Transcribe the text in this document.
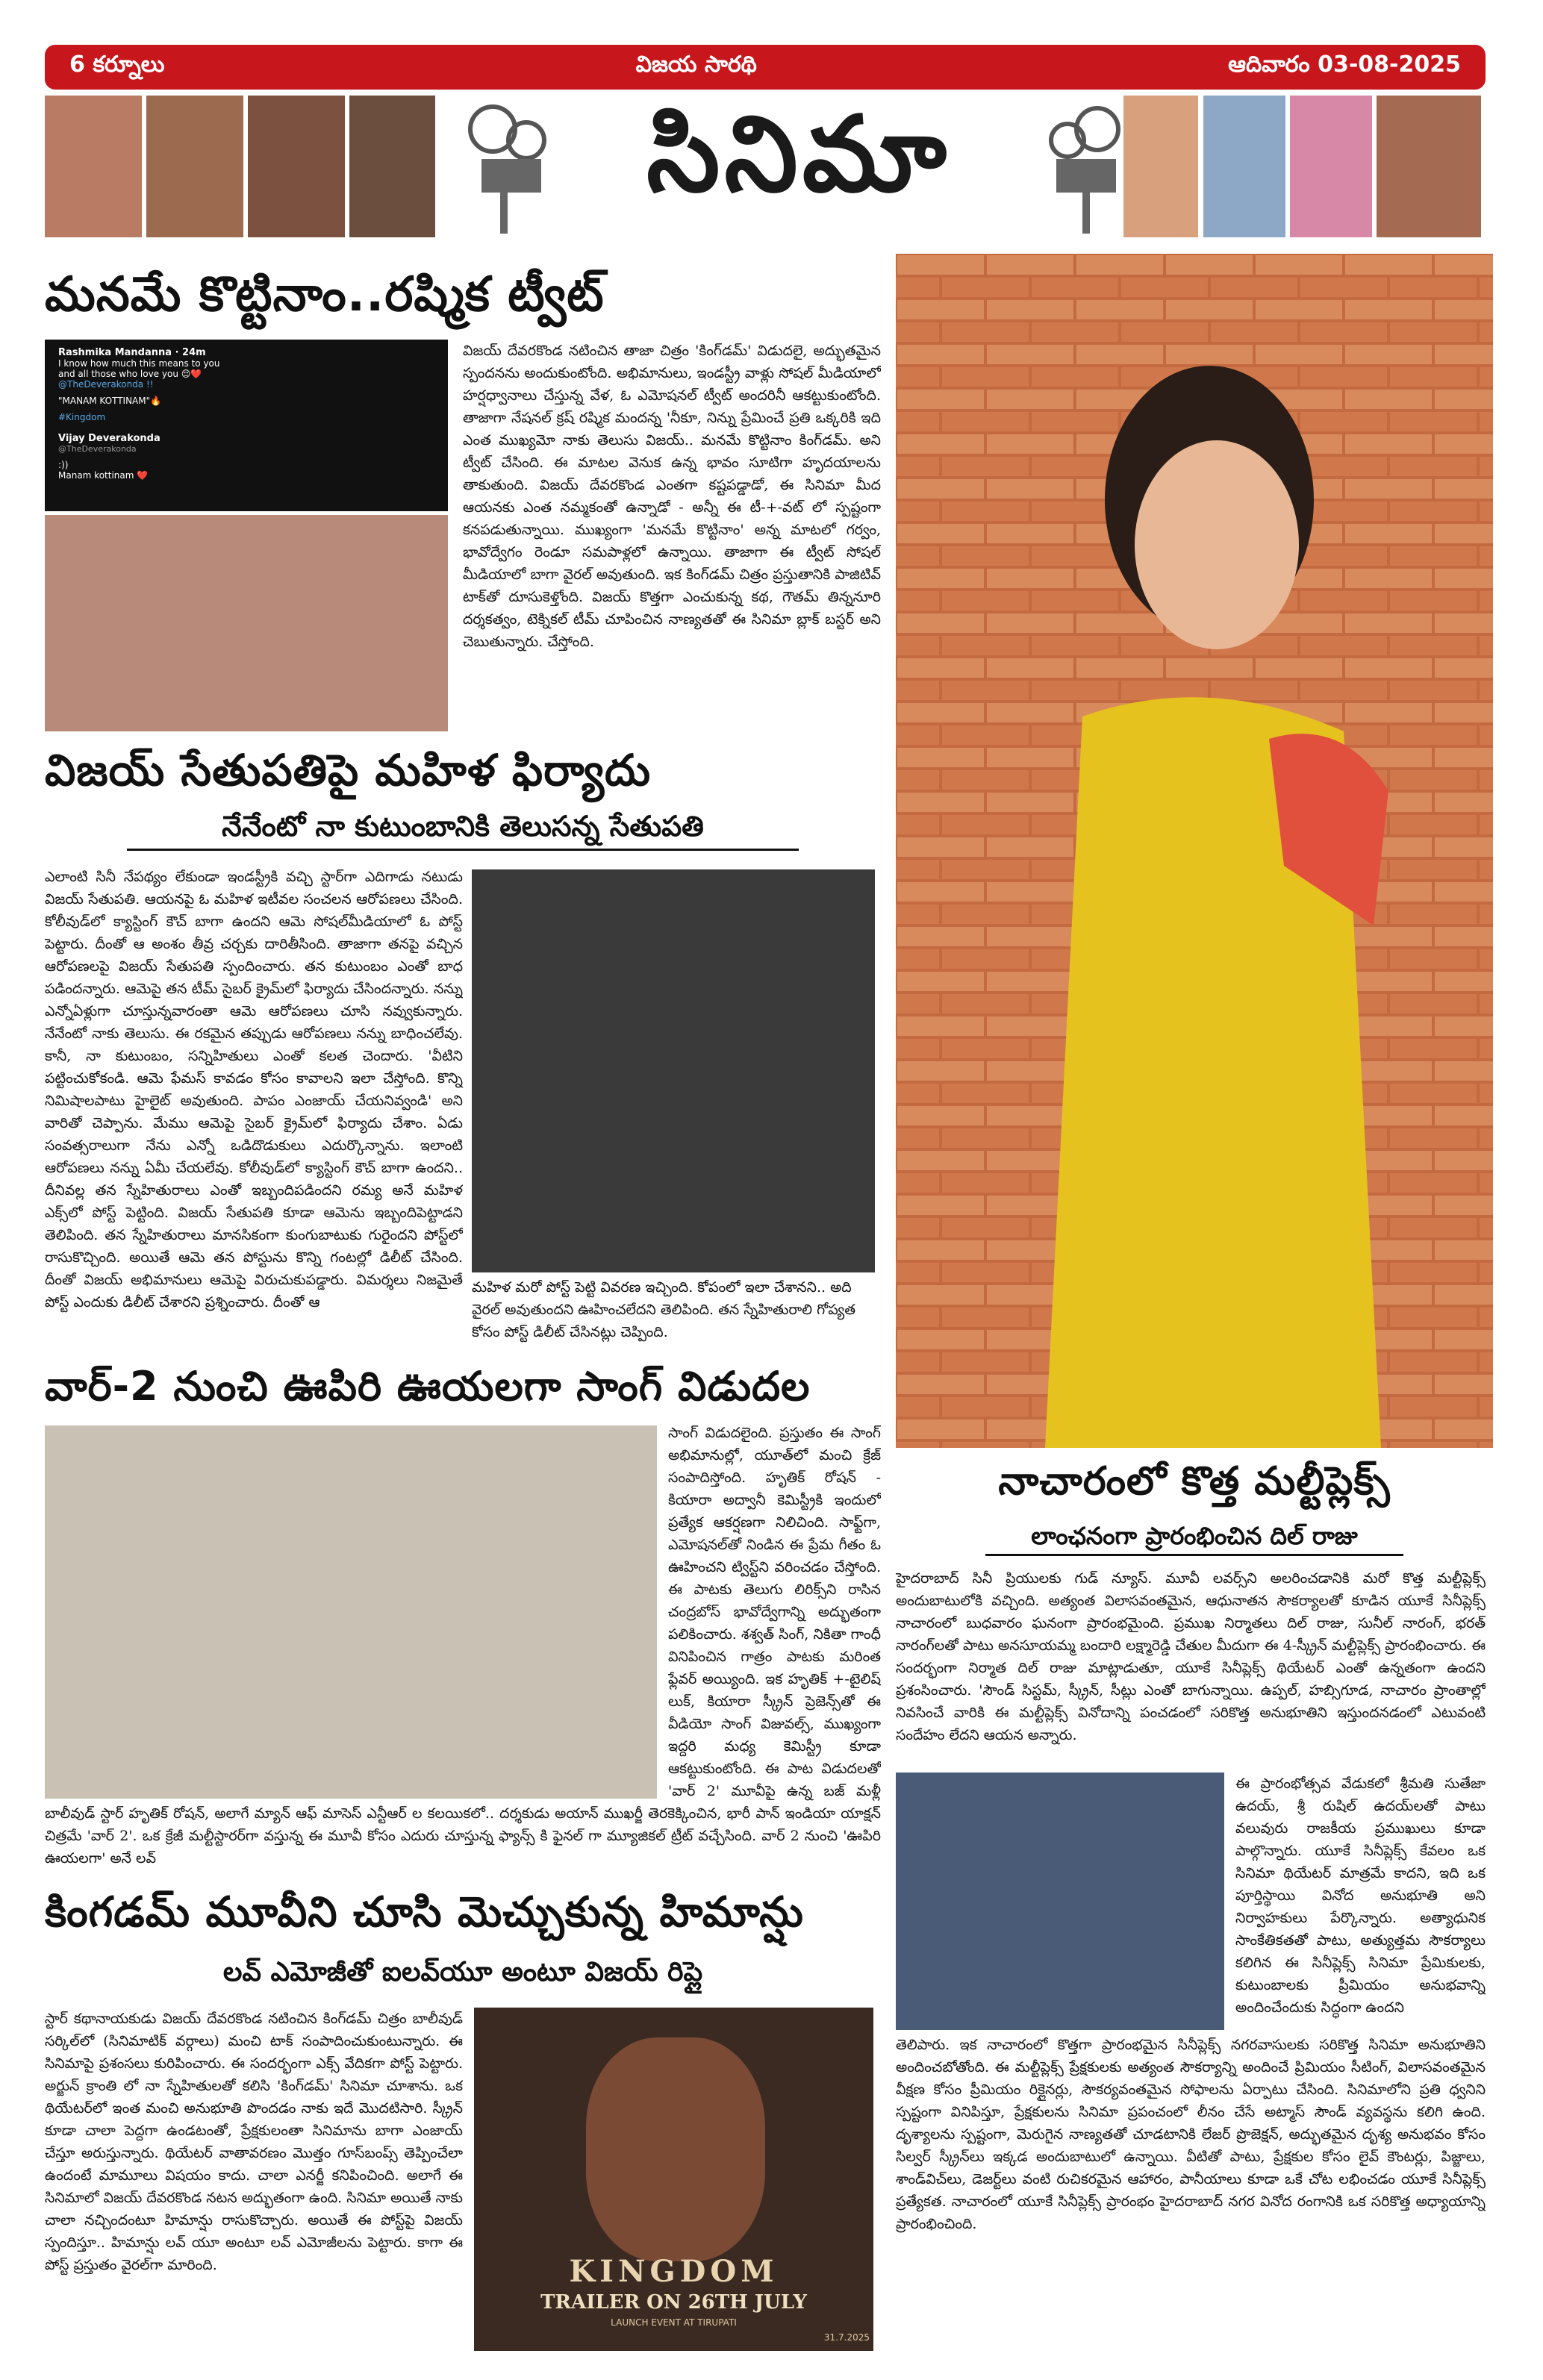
6 కర్నూలు	విజయ సారథి	ఆదివారం 03-08-2025
సినిమా
మనమే కొట్టినాం..రష్మిక ట్వీట్
Rashmika Mandanna · 24m
I know how much this means to you
and all those who love you 😌❤️
@TheDeverakonda !!
"MANAM KOTTINAM"🔥
#Kingdom
Vijay Deverakonda
@TheDeverakonda
:))
Manam kottinam ❤️
విజయ్ దేవరకొండ నటించిన తాజా చిత్రం 'కింగ్‌డమ్' విడుదలై, అద్భుతమైన స్పందనను అందుకుంటోంది. అభిమానులు, ఇండస్ట్రీ వాళ్లు సోషల్ మీడియాలో హర్షధ్వానాలు చేస్తున్న వేళ, ఓ ఎమోషనల్ ట్వీట్ అందరినీ ఆకట్టుకుంటోంది. తాజాగా నేషనల్ క్రష్ రష్మిక మందన్న 'నీకూ, నిన్ను ప్రేమించే ప్రతి ఒక్కరికి ఇది ఎంత ముఖ్యమో నాకు తెలుసు విజయ్.. మనమే కొట్టినాం కింగ్‌డమ్. అని ట్వీట్ చేసింది. ఈ మాటల వెనుక ఉన్న భావం సూటిగా హృదయాలను తాకుతుంది. విజయ్ దేవరకొండ ఎంతగా కష్టపడ్డాడో, ఈ సినిమా మీద ఆయనకు ఎంత నమ్మకంతో ఉన్నాడో - అన్నీ ఈ టీ-+-వట్ లో స్పష్టంగా కనపడుతున్నాయి. ముఖ్యంగా 'మనమే కొట్టినాం' అన్న మాటలో గర్వం, భావోద్వేగం రెండూ సమపాళ్లలో ఉన్నాయి. తాజాగా ఈ ట్వీట్ సోషల్ మీడియాలో బాగా వైరల్ అవుతుంది. ఇక కింగ్‌డమ్ చిత్రం ప్రస్తుతానికి పాజిటివ్ టాక్‌తో దూసుకెళ్తోంది. విజయ్ కొత్తగా ఎంచుకున్న కథ, గౌతమ్ తిన్ననూరి దర్శకత్వం, టెక్నికల్ టీమ్ చూపించిన నాణ్యతతో ఈ సినిమా బ్లాక్ బస్టర్ అని చెబుతున్నారు. చేస్తోంది.
విజయ్ సేతుపతిపై మహిళ ఫిర్యాదు
నేనేంటో నా కుటుంబానికి తెలుసన్న సేతుపతి
ఎలాంటి సినీ నేపథ్యం లేకుండా ఇండస్ట్రీకి వచ్చి స్టార్‌గా ఎదిగాడు నటుడు విజయ్ సేతుపతి. ఆయనపై ఓ మహిళ ఇటీవల సంచలన ఆరోపణలు చేసింది. కోలీవుడ్‌లో క్యాస్టింగ్ కౌచ్ బాగా ఉందని ఆమె సోషల్‌మీడియాలో ఓ పోస్ట్ పెట్టారు. దీంతో ఆ అంశం తీవ్ర చర్చకు దారితీసింది. తాజాగా తనపై వచ్చిన ఆరోపణలపై విజయ్ సేతుపతి స్పందించారు. తన కుటుంబం ఎంతో బాధ పడిందన్నారు. ఆమెపై తన టీమ్ సైబర్ క్రైమ్‌లో ఫిర్యాదు చేసిందన్నారు. నన్ను ఎన్నోఏళ్లుగా చూస్తున్నవారంతా ఆమె ఆరోపణలు చూసి నవ్వుకున్నారు. నేనేంటో నాకు తెలుసు. ఈ రకమైన తప్పుడు ఆరోపణలు నన్ను బాధించలేవు. కానీ, నా కుటుంబం, సన్నిహితులు ఎంతో కలత చెందారు. 'వీటిని పట్టించుకోకండి. ఆమె ఫేమస్ కావడం కోసం కావాలని ఇలా చేస్తోంది. కొన్ని నిమిషాలపాటు హైలైట్ అవుతుంది. పాపం ఎంజాయ్ చేయనివ్వండి' అని వారితో చెప్పాను. మేము ఆమెపై సైబర్ క్రైమ్‌లో ఫిర్యాదు చేశాం. ఏడు సంవత్సరాలుగా నేను ఎన్నో ఒడిదొడుకులు ఎదుర్కొన్నాను. ఇలాంటి ఆరోపణలు నన్ను ఏమీ చేయలేవు. కోలీవుడ్‌లో క్యాస్టింగ్ కౌచ్ బాగా ఉందని.. దీనివల్ల తన స్నేహితురాలు ఎంతో ఇబ్బందిపడిందని రమ్య అనే మహిళ ఎక్స్‌లో పోస్ట్ పెట్టింది. విజయ్ సేతుపతి కూడా ఆమెను ఇబ్బందిపెట్టాడని తెలిపింది. తన స్నేహితురాలు మానసికంగా కుంగుబాటుకు గురైందని పోస్ట్‌లో రాసుకొచ్చింది. అయితే ఆమె తన పోస్టును కొన్ని గంటల్లో డిలీట్ చేసింది. దీంతో విజయ్ అభిమానులు ఆమెపై విరుచుకుపడ్డారు. విమర్శలు నిజమైతే పోస్ట్ ఎందుకు డిలీట్ చేశారని ప్రశ్నించారు. దీంతో ఆ
మహిళ మరో పోస్ట్ పెట్టి వివరణ ఇచ్చింది. కోపంలో ఇలా చేశానని.. అది వైరల్ అవుతుందని ఊహించలేదని తెలిపింది. తన స్నేహితురాలి గోప్యత కోసం పోస్ట్ డిలీట్ చేసినట్లు చెప్పింది.
వార్-2 నుంచి ఊపిరి ఊయలగా సాంగ్ విడుదల
సాంగ్ విడుదలైంది. ప్రస్తుతం ఈ సాంగ్ అభిమానుల్లో, యూత్‌లో మంచి క్రేజ్ సంపాదిస్తోంది. హృతిక్ రోషన్ - కియారా అద్వానీ కెమిస్ట్రీకి ఇందులో ప్రత్యేక ఆకర్షణగా నిలిచింది. సాఫ్ట్‌గా, ఎమోషనల్‌తో నిండిన ఈ ప్రేమ గీతం ఓ ఊహించని ట్విస్ట్‌ని వరించడం చేస్తోంది. ఈ పాటకు తెలుగు లిరిక్స్‌ని రాసిన చంద్రబోస్ భావోద్వేగాన్ని అద్భుతంగా పలికించారు. శశ్వత్ సింగ్, నికితా గాంధీ వినిపించిన గాత్రం పాటకు మరింత ఫ్లేవర్ అయ్యింది. ఇక హృతిక్ +-టైలిష్ లుక్, కియారా స్క్రీన్ ప్రెజెన్స్‌తో ఈ వీడియో సాంగ్ విజువల్స్, ముఖ్యంగా ఇద్దరి మధ్య కెమిస్ట్రీ కూడా ఆకట్టుకుంటోంది. ఈ పాట విడుదలతో 'వార్ 2' మూవీపై ఉన్న బజ్ మళ్లీ
బాలీవుడ్ స్టార్ హృతిక్ రోషన్, అలాగే మ్యాన్ ఆఫ్ మాసెస్ ఎన్టీఆర్ ల కలయికలో.. దర్శకుడు అయాన్ ముఖర్జీ తెరకెక్కించిన, భారీ పాన్ ఇండియా యాక్షన్ చిత్రమే 'వార్ 2'. ఒక క్రేజీ మల్టీస్టారర్‌గా వస్తున్న ఈ మూవీ కోసం ఎదురు చూస్తున్న ఫ్యాన్స్ కి ఫైనల్ గా మ్యూజికల్ ట్రీట్ వచ్చేసింది. వార్ 2 నుంచి 'ఊపిరి ఊయలగా' అనే లవ్
కింగడమ్ మూవీని చూసి మెచ్చుకున్న హిమాన్షు
లవ్ ఎమోజీతో ఐలవ్‌యూ అంటూ విజయ్ రిప్లై
స్టార్ కథానాయకుడు విజయ్ దేవరకొండ నటించిన కింగ్‌డమ్ చిత్రం బాలీవుడ్ సర్కిల్‌లో (సినిమాటిక్ వర్గాలు) మంచి టాక్ సంపాదించుకుంటున్నారు. ఈ సినిమాపై ప్రశంసలు కురిపించారు. ఈ సందర్భంగా ఎక్స్ వేదికగా పోస్ట్ పెట్టారు. అర్జున్ క్రాంతి ‌లో నా స్నేహితులతో కలిసి 'కింగ్‌డమ్' సినిమా చూశాను. ఒక థియేటర్‌లో ఇంత మంచి అనుభూతి పొందడం నాకు ఇదే మొదటిసారి. స్క్రీన్ కూడా చాలా పెద్దగా ఉండటంతో, ప్రేక్షకులంతా సినిమాను బాగా ఎంజాయ్ చేస్తూ అరుస్తున్నారు. థియేటర్ వాతావరణం మొత్తం గూస్‌బంప్స్ తెప్పించేలా ఉందంటే మామూలు విషయం కాదు. చాలా ఎనర్జీ కనిపించింది. అలాగే ఈ సినిమాలో విజయ్ దేవరకొండ నటన అద్భుతంగా ఉంది. సినిమా అయితే నాకు చాలా నచ్చిందంటూ హిమాన్షు రాసుకొచ్చారు. అయితే ఈ పోస్ట్‌పై విజయ్ స్పందిస్తూ.. హిమాన్షు లవ్ యూ అంటూ లవ్ ఎమోజీలను పెట్టారు. కాగా ఈ పోస్ట్ ప్రస్తుతం వైరల్‌గా మారింది.	KINGDOM
TRAILER ON 26TH JULY
LAUNCH EVENT AT TIRUPATI
31.7.2025
నాచారంలో కొత్త మల్టీప్లెక్స్
లాంఛనంగా ప్రారంభించిన దిల్ రాజు
హైదరాబాద్ సినీ ప్రియులకు గుడ్ న్యూస్. మూవీ లవర్స్‌ని అలరించడానికి మరో కొత్త మల్టీప్లెక్స్ అందుబాటులోకి వచ్చింది. అత్యంత విలాసవంతమైన, ఆధునాతన సౌకర్యాలతో కూడిన యూకే సినీప్లెక్స్ నాచారంలో బుధవారం ఘనంగా ప్రారంభమైంది. ప్రముఖ నిర్మాతలు దిల్ రాజు, సునీల్ నారంగ్, భరత్ నారంగ్‌లతో పాటు అనసూయమ్మ బందారి లక్ష్మారెడ్డి చేతుల మీదుగా ఈ 4-స్క్రీన్ మల్టీప్లెక్స్ ప్రారంభించారు. ఈ సందర్భంగా నిర్మాత దిల్ రాజు మాట్లాడుతూ, యూకే సినీప్లెక్స్ థియేటర్ ఎంతో ఉన్నతంగా ఉందని ప్రశంసించారు. 'సౌండ్ సిస్టమ్, స్క్రీన్, సీట్లు ఎంతో బాగున్నాయి. ఉప్పల్, హబ్సిగూడ, నాచారం ప్రాంతాల్లో నివసించే వారికి ఈ మల్టీప్లెక్స్ వినోదాన్ని పంచడంలో సరికొత్త అనుభూతిని ఇస్తుందనడంలో ఎటువంటి సందేహం లేదని ఆయన అన్నారు.
ఈ ప్రారంభోత్సవ వేడుకలో శ్రీమతి సుతేజా ఉదయ్, శ్రీ రుషిల్ ఉదయ్‌లతో పాటు వలువురు రాజకీయ ప్రముఖులు కూడా పాల్గొన్నారు. యూకే సినీప్లెక్స్ కేవలం ఒక సినిమా థియేటర్ మాత్రమే కాదని, ఇది ఒక పూర్తిస్థాయి వినోద అనుభూతి అని నిర్వాహకులు పేర్కొన్నారు. అత్యాధునిక సాంకేతికతతో పాటు, అత్యుత్తమ సౌకర్యాలు కలిగిన ఈ సినీప్లెక్స్ సినిమా ప్రేమికులకు, కుటుంబాలకు ప్రీమియం అనుభవాన్ని అందించేందుకు సిద్ధంగా ఉందని
తెలిపారు. ఇక నాచారంలో కొత్తగా ప్రారంభమైన సినీప్లెక్స్ నగరవాసులకు సరికొత్త సినిమా అనుభూతిని అందించబోతోంది. ఈ మల్టీప్లెక్స్ ప్రేక్షకులకు అత్యంత సౌకర్యాన్ని అందించే ప్రిమియం సీటింగ్, విలాసవంతమైన వీక్షణ కోసం ప్రీమియం రిక్లైనర్లు, సౌకర్యవంతమైన సోఫాలను ఏర్పాటు చేసింది. సినిమాలోని ప్రతి ధ్వనిని స్పష్టంగా వినిపిస్తూ, ప్రేక్షకులను సినిమా ప్రపంచంలో లీనం చేసే అట్మాస్ సౌండ్ వ్యవస్థను కలిగి ఉంది. దృశ్యాలను స్పష్టంగా, మెరుగైన నాణ్యతతో చూడటానికి లేజర్ ప్రొజెక్షన్, అద్భుతమైన దృశ్య అనుభవం కోసం సిల్వర్ స్క్రీన్‌లు ఇక్కడ అందుబాటులో ఉన్నాయి. వీటితో పాటు, ప్రేక్షకుల కోసం లైవ్ కౌంటర్లు, పిజ్జాలు, శాండ్‌విచ్‌లు, డెజర్ట్‌లు వంటి రుచికరమైన ఆహారం, పానీయాలు కూడా ఒకే చోట లభించడం యూకే సినీప్లెక్స్ ప్రత్యేకత. నాచారంలో యూకే సినీప్లెక్స్ ప్రారంభం హైదరాబాద్ నగర వినోద రంగానికి ఒక సరికొత్త అధ్యాయాన్ని ప్రారంభించింది.
